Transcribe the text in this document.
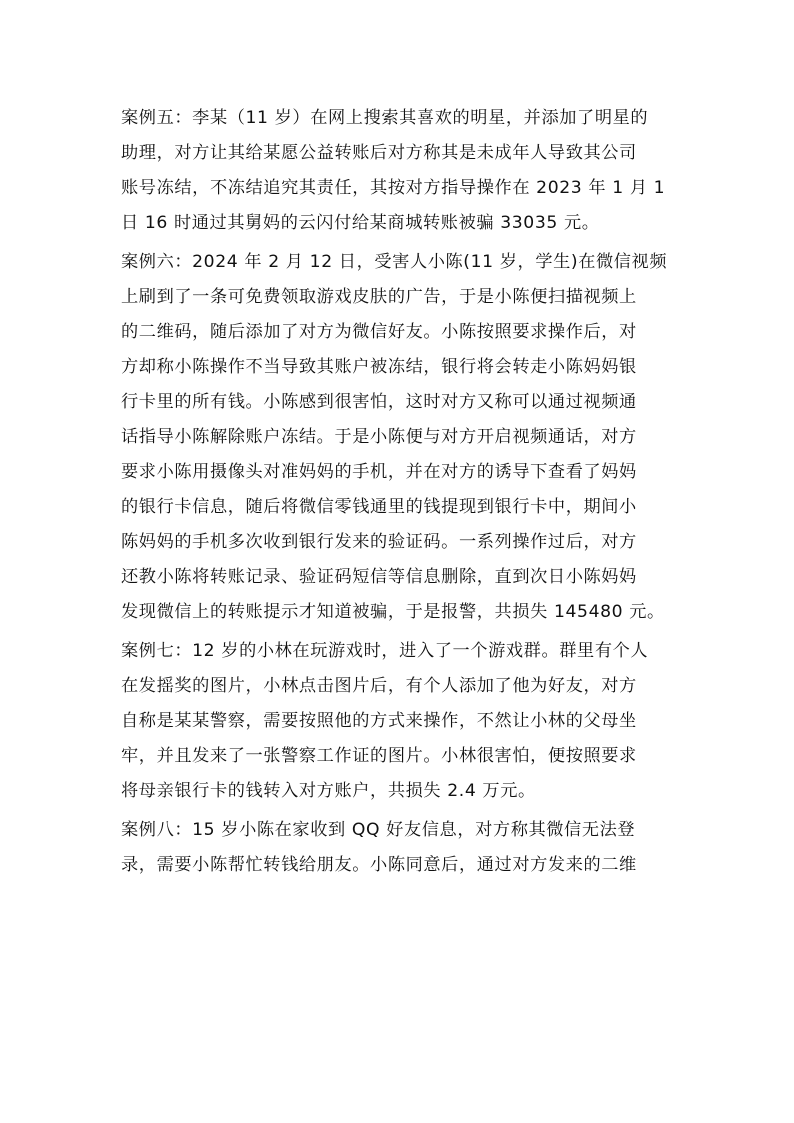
案例五：李某（11 岁）在网上搜索其喜欢的明星，并添加了明星的
助理，对方让其给某愿公益转账后对方称其是未成年人导致其公司
账号冻结，不冻结追究其责任，其按对方指导操作在 2023 年 1 月 1
日 16 时通过其舅妈的云闪付给某商城转账被骗 33035 元。
案例六：2024 年 2 月 12 日，受害人小陈(11 岁，学生)在微信视频
上刷到了一条可免费领取游戏皮肤的广告，于是小陈便扫描视频上
的二维码，随后添加了对方为微信好友。小陈按照要求操作后，对
方却称小陈操作不当导致其账户被冻结，银行将会转走小陈妈妈银
行卡里的所有钱。小陈感到很害怕，这时对方又称可以通过视频通
话指导小陈解除账户冻结。于是小陈便与对方开启视频通话，对方
要求小陈用摄像头对准妈妈的手机，并在对方的诱导下查看了妈妈
的银行卡信息，随后将微信零钱通里的钱提现到银行卡中，期间小
陈妈妈的手机多次收到银行发来的验证码。一系列操作过后，对方
还教小陈将转账记录、验证码短信等信息删除，直到次日小陈妈妈
发现微信上的转账提示才知道被骗，于是报警，共损失 145480 元。
案例七：12 岁的小林在玩游戏时，进入了一个游戏群。群里有个人
在发摇奖的图片，小林点击图片后，有个人添加了他为好友，对方
自称是某某警察，需要按照他的方式来操作，不然让小林的父母坐
牢，并且发来了一张警察工作证的图片。小林很害怕，便按照要求
将母亲银行卡的钱转入对方账户，共损失 2.4 万元。
案例八：15 岁小陈在家收到 QQ 好友信息，对方称其微信无法登
录，需要小陈帮忙转钱给朋友。小陈同意后，通过对方发来的二维
